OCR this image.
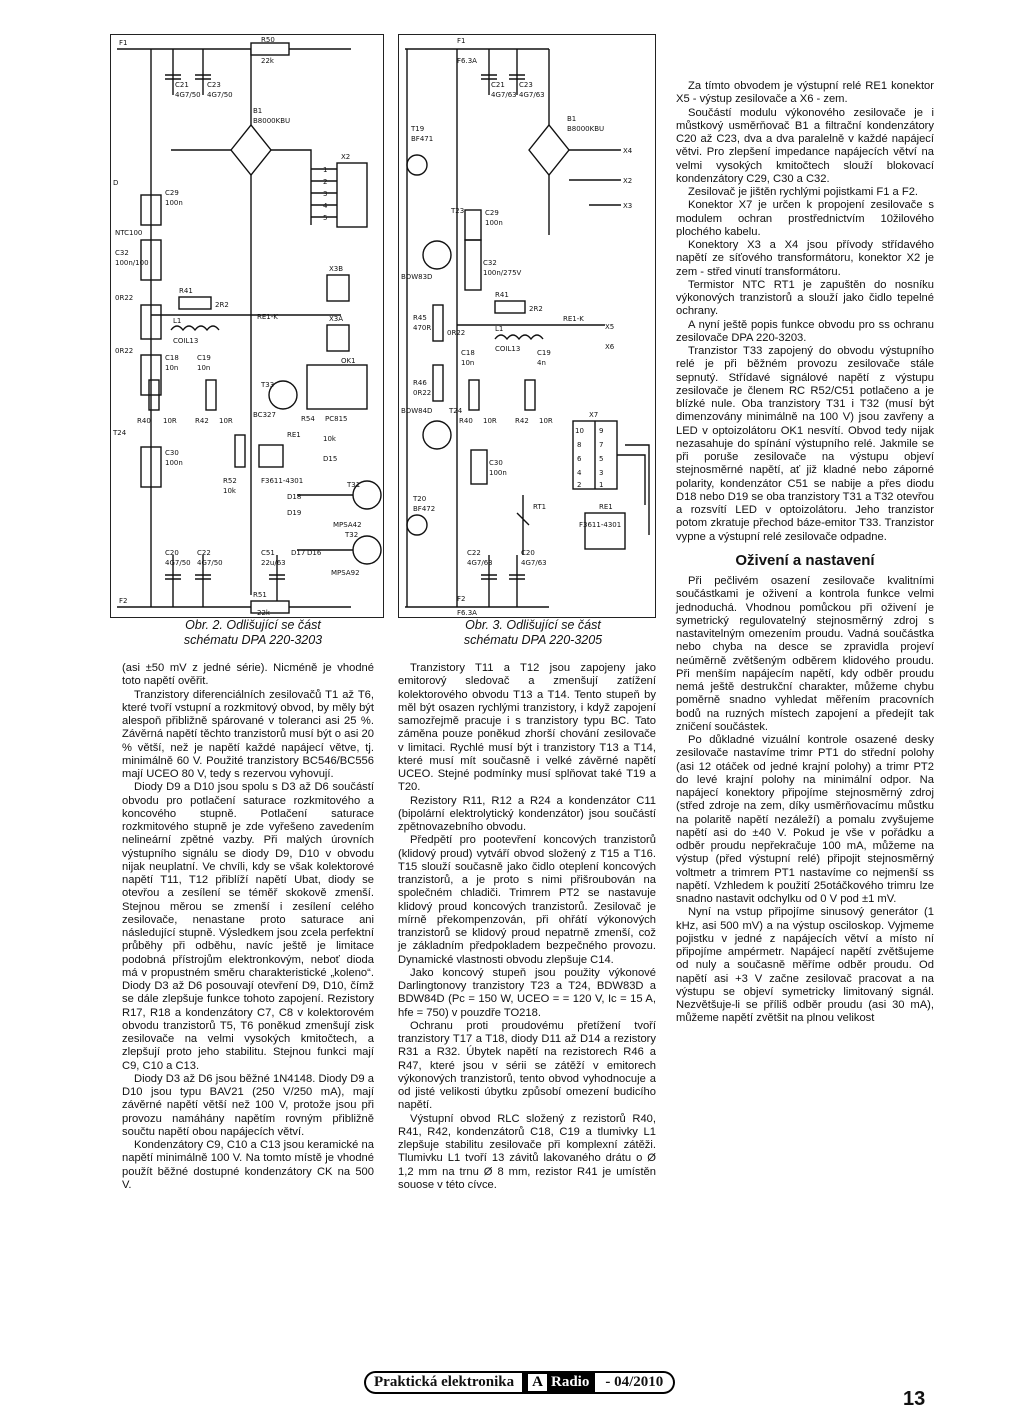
F1	R50
22k
C21
4G7/50
C23
4G7/50
B1
B8000KBU
X2
1
2
3
4
5
D
C29
100n
NTC100
C32
100n/100
0R22
R41
2R2
L1
COIL13
X3B
X3A
RE1-K
OK1
0R22
C18
10n
C19
10n
R40 10R	R42 10R
T33
BC327	R54 PC815
10k
RE1
D15
R52
10k
T24
C30
100n
F3611-4301	T31
D18
D19
MPSA42
T32
C20
4G7/50
C22
4G7/50
C51
22u/63
D17 D16
MPSA92
F2
R51
22k
F1
F6.3A
C21
4G7/63
C23
4G7/63
T19
BF471
B1
B8000KBU
X4
X2
X3
T23	C29
100n
BDW83D
C32
100n/275V
0R22
R45
470R
R41
2R2
L1
COIL13
RE1-K
X5
X6
C18
10n
C19
4n
R46
0R22
R40 10R	R42 10R
BDW84D T24	X7
10 9
8	7
6	5
4	3
2	1
C30
100n
T20
BF472	RT1	RE1
F3611-4301
C22
4G7/63
C20
4G7/63
F2
F6.3A
Obr. 2. Odlišující se část
schématu DPA 220-3203
Obr. 3. Odlišující se část
schématu DPA 220-3205

(asi ±50 mV z jedné série). Nicméně je vhodné toto napětí ověřit.

Tranzistory diferenciálních zesilovačů T1 až T6, které tvoří vstupní a rozkmitový obvod, by měly být alespoň přibližně spárované v toleranci asi 25 %. Závěrná napětí těchto tranzistorů musí být o asi 20 % větší, než je napětí každé napájecí větve, tj. minimálně 60 V. Použité tranzistory BC546/BC556 mají UCEO 80 V, tedy s rezervou vyhovují.

Diody D9 a D10 jsou spolu s D3 až D6 součástí obvodu pro potlačení saturace rozkmitového a koncového stupně. Potlačení saturace rozkmitového stupně je zde vyřešeno zavedením nelineární zpětné vazby. Při malých úrovních výstupního signálu se diody D9, D10 v obvodu nijak neuplatní. Ve chvíli, kdy se však kolektorové napětí T11, T12 přiblíží napětí Ubat, diody se otevřou a zesílení se téměř skokově zmenší. Stejnou měrou se zmenší i zesílení celého zesilovače, nenastane proto saturace ani následující stupně. Výsledkem jsou zcela perfektní průběhy při odběhu, navíc ještě je limitace podobná přístrojům elektronkovým, neboť dioda má v propustném směru charakteristické „koleno“. Diody D3 až D6 posouvají otevření D9, D10, čímž se dále zlepšuje funkce tohoto zapojení. Rezistory R17, R18 a kondenzátory C7, C8 v kolektorovém obvodu tranzistorů T5, T6 poněkud zmenšují zisk zesilovače na velmi vysokých kmitočtech, a zlepšují proto jeho stabilitu. Stejnou funkci mají C9, C10 a C13.

Diody D3 až D6 jsou běžné 1N4148. Diody D9 a D10 jsou typu BAV21 (250 V/250 mA), mají závěrné napětí větší než 100 V, protože jsou při provozu namáhány napětím rovným přibližně součtu napětí obou napájecích větví.

Kondenzátory C9, C10 a C13 jsou keramické na napětí minimálně 100 V. Na tomto místě je vhodné použít běžné dostupné kondenzátory CK na 500 V.

Tranzistory T11 a T12 jsou zapojeny jako emitorový sledovač a zmenšují zatížení kolektorového obvodu T13 a T14. Tento stupeň by měl být osazen rychlými tranzistory, i když zapojení samozřejmě pracuje i s tranzistory typu BC. Tato záměna pouze poněkud zhorší chování zesilovače v limitaci. Rychlé musí být i tranzistory T13 a T14, které musí mít současně i velké závěrné napětí UCEO. Stejné podmínky musí splňovat také T19 a T20.

Rezistory R11, R12 a R24 a kondenzátor C11 (bipolární elektrolytický kondenzátor) jsou součástí zpětnovazebního obvodu.

Předpětí pro pootevření koncových tranzistorů (klidový proud) vytváří obvod složený z T15 a T16. T15 slouží současně jako čidlo oteplení koncových tranzistorů, a je proto s nimi přišroubován na společném chladiči. Trimrem PT2 se nastavuje klidový proud koncových tranzistorů. Zesilovač je mírně překompenzován, při ohřátí výkonových tranzistorů se klidový proud nepatrně zmenší, což je základním předpokladem bezpečného provozu. Dynamické vlastnosti obvodu zlepšuje C14.

Jako koncový stupeň jsou použity výkonové Darlingtonovy tranzistory T23 a T24, BDW83D a BDW84D (Pc = 150 W, UCEO = = 120 V, Ic = 15 A, hfe = 750) v pouzdře TO218.

Ochranu proti proudovému přetížení tvoří tranzistory T17 a T18, diody D11 až D14 a rezistory R31 a R32. Úbytek napětí na rezistorech R46 a R47, které jsou v sérii se zátěží v emitorech výkonových tranzistorů, tento obvod vyhodnocuje a od jisté velikosti úbytku způsobí omezení budicího napětí.

Výstupní obvod RLC složený z rezistorů R40, R41, R42, kondenzátorů C18, C19 a tlumivky L1 zlepšuje stabilitu zesilovače při komplexní zátěži. Tlumivku L1 tvoří 13 závitů lakovaného drátu o Ø 1,2 mm na trnu Ø 8 mm, rezistor R41 je umístěn souose v této cívce.

Za tímto obvodem je výstupní relé RE1 konektor X5 - výstup zesilovače a X6 - zem.

Součástí modulu výkonového zesilovače je i můstkový usměrňovač B1 a filtrační kondenzátory C20 až C23, dva a dva paralelně v každé napájecí větvi. Pro zlepšení impedance napájecích větví na velmi vysokých kmitočtech slouží blokovací kondenzátory C29, C30 a C32.

Zesilovač je jištěn rychlými pojistkami F1 a F2.

Konektor X7 je určen k propojení zesilovače s modulem ochran prostřednictvím 10žilového plochého kabelu.

Konektory X3 a X4 jsou přívody střídavého napětí ze síťového transformátoru, konektor X2 je zem - střed vinutí transformátoru.

Termistor NTC RT1 je zapuštěn do nosníku výkonových tranzistorů a slouží jako čidlo tepelné ochrany.

A nyní ještě popis funkce obvodu pro ss ochranu zesilovače DPA 220-3203.

Tranzistor T33 zapojený do obvodu výstupního relé je při běžném provozu zesilovače stále sepnutý. Střídavé signálové napětí z výstupu zesilovače je členem RC R52/C51 potlačeno a je blízké nule. Oba tranzistory T31 i T32 (musí být dimenzovány minimálně na 100 V) jsou zavřeny a LED v optoizolátoru OK1 nesvítí. Obvod tedy nijak nezasahuje do spínání výstupního relé. Jakmile se při poruše zesilovače na výstupu objeví stejnosměrné napětí, ať již kladné nebo záporné polarity, kondenzátor C51 se nabije a přes diodu D18 nebo D19 se oba tranzistory T31 a T32 otevřou a rozsvítí LED v optoizolátoru. Jeho tranzistor potom zkratuje přechod báze-emitor T33. Tranzistor vypne a výstupní relé zesilovače odpadne.

Oživení a nastavení

Při pečlivém osazení zesilovače kvalitními součástkami je oživení a kontrola funkce velmi jednoduchá. Vhodnou pomůckou při oživení je symetrický regulovatelný stejnosměrný zdroj s nastavitelným omezením proudu. Vadná součástka nebo chyba na desce se zpravidla projeví neúměrně zvětšeným odběrem klidového proudu. Při menším napájecím napětí, kdy odběr proudu nemá ještě destrukční charakter, můžeme chybu poměrně snadno vyhledat měřením pracovních bodů na ruzných místech zapojení a předejít tak zničení součástek.

Po důkladné vizuální kontrole osazené desky zesilovače nastavíme trimr PT1 do střední polohy (asi 12 otáček od jedné krajní polohy) a trimr PT2 do levé krajní polohy na minimální odpor. Na napájecí konektory připojíme stejnosměrný zdroj (střed zdroje na zem, díky usměrňovacímu můstku na polaritě napětí nezáleží) a pomalu zvyšujeme napětí asi do ±40 V. Pokud je vše v pořádku a odběr proudu nepřekračuje 100 mA, můžeme na výstup (před výstupní relé) připojit stejnosměrný voltmetr a trimrem PT1 nastavíme co nejmenší ss napětí. Vzhledem k použití 25otáčkového trimru lze snadno nastavit odchylku od 0 V pod ±1 mV.

Nyní na vstup připojíme sinusový generátor (1 kHz, asi 500 mV) a na výstup osciloskop. Vyjmeme pojistku v jedné z napájecích větví a místo ní připojíme ampérmetr. Napájecí napětí zvětšujeme od nuly a současně měříme odběr proudu. Od napětí asi +3 V začne zesilovač pracovat a na výstupu se objeví symetricky limitovaný signál. Nezvětšuje-li se příliš odběr proudu (asi 30 mA), můžeme napětí zvětšit na plnou velikost

Praktická elektronika	A Radio	- 04/2010
13
